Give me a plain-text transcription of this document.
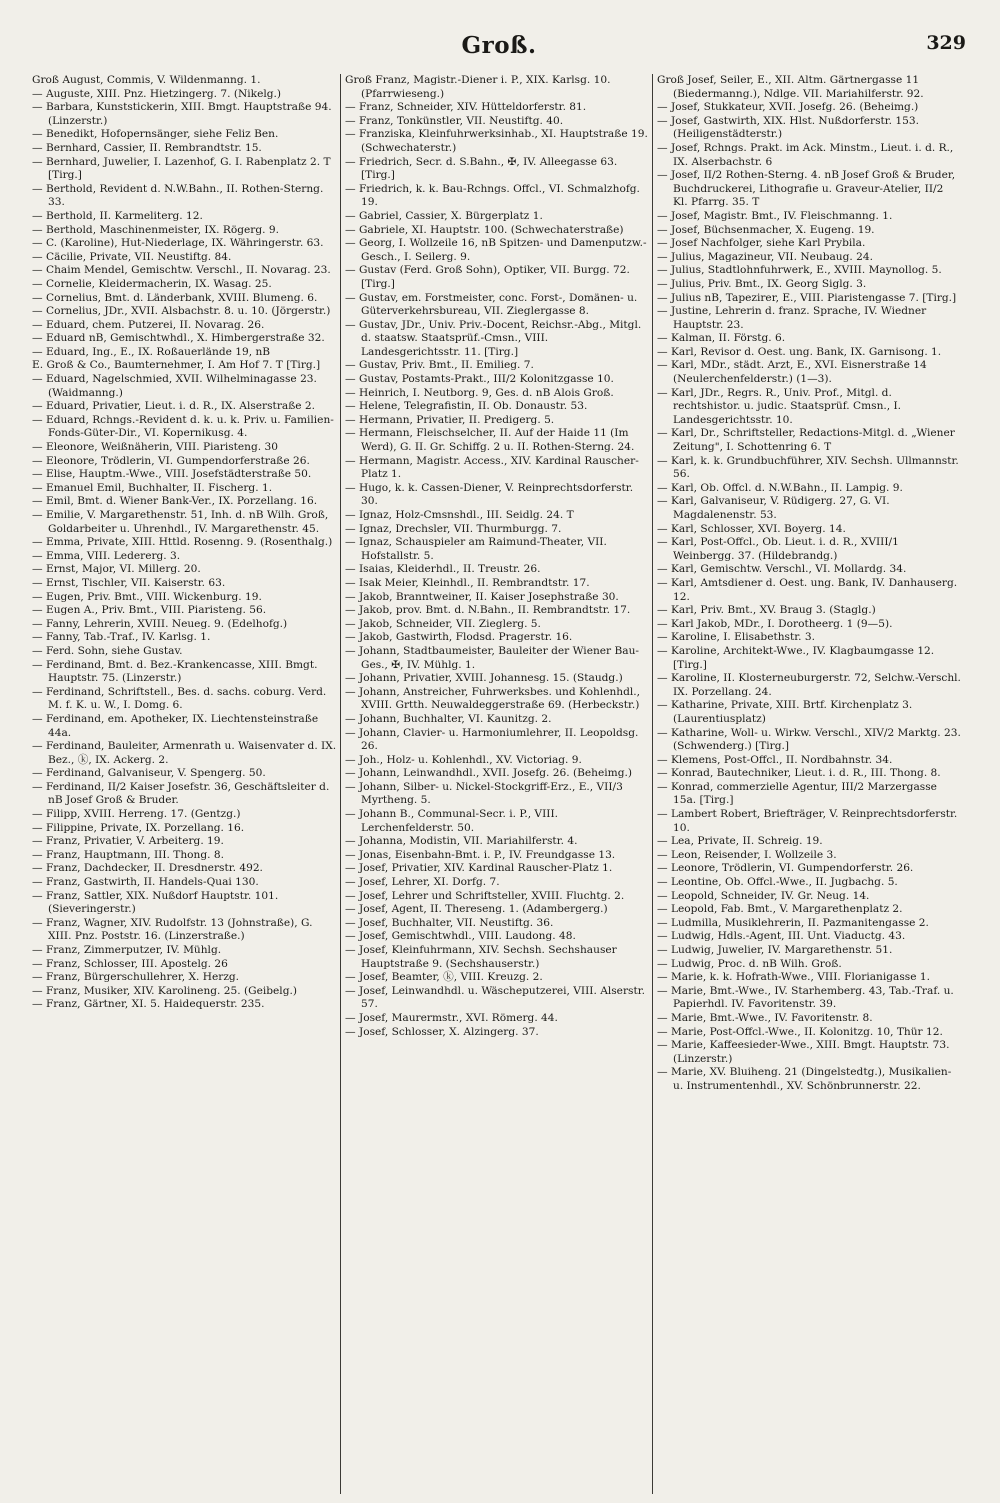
Groß.	329

Groß August, Commis, V. Wildenmanng. 1.

— Auguste, XIII. Pnz. Hietzingerg. 7. (Nikelg.)

— Barbara, Kunststickerin, XIII. Bmgt. Hauptstraße 94. (Linzerstr.)

— Benedikt, Hofopernsänger, siehe Feliz Ben.

— Bernhard, Cassier, II. Rembrandtstr. 15.

— Bernhard, Juwelier, I. Lazenhof, G. I. Rabenplatz 2. T [Tirg.]

— Berthold, Revident d. N.W.Bahn., II. Rothen-Sterng. 33.

— Berthold, II. Karmeliterg. 12.

— Berthold, Maschinenmeister, IX. Rögerg. 9.

— C. (Karoline), Hut-Niederlage, IX. Währingerstr. 63.

— Cäcilie, Private, VII. Neustiftg. 84.

— Chaim Mendel, Gemischtw. Verschl., II. Novarag. 23.

— Cornelie, Kleidermacherin, IX. Wasag. 25.

— Cornelius, Bmt. d. Länderbank, XVIII. Blumeng. 6.

— Cornelius, JDr., XVII. Alsbachstr. 8. u. 10. (Jörgerstr.)

— Eduard, chem. Putzerei, II. Novarag. 26.

— Eduard nB, Gemischtwhdl., X. Himbergerstraße 32.

— Eduard, Ing., E., IX. Roßauerlände 19, nB

E. Groß & Co., Baumternehmer, I. Am Hof 7. T [Tirg.]

— Eduard, Nagelschmied, XVII. Wilhelminagasse 23. (Waidmanng.)

— Eduard, Privatier, Lieut. i. d. R., IX. Alserstraße 2.

— Eduard, Rchngs.-Revident d. k. u. k. Priv. u. Familien-Fonds-Güter-Dir., VI. Kopernikusg. 4.

— Eleonore, Weißnäherin, VIII. Piaristeng. 30

— Eleonore, Trödlerin, VI. Gumpendorferstraße 26.

— Elise, Hauptm.-Wwe., VIII. Josefstädterstraße 50.

— Emanuel Emil, Buchhalter, II. Fischerg. 1.

— Emil, Bmt. d. Wiener Bank-Ver., IX. Porzellang. 16.

— Emilie, V. Margarethenstr. 51, Inh. d. nB Wilh. Groß, Goldarbeiter u. Uhrenhdl., IV. Margarethenstr. 45.

— Emma, Private, XIII. Httld. Rosenng. 9. (Rosenthalg.)

— Emma, VIII. Ledererg. 3.

— Ernst, Major, VI. Millerg. 20.

— Ernst, Tischler, VII. Kaiserstr. 63.

— Eugen, Priv. Bmt., VIII. Wickenburg. 19.

— Eugen A., Priv. Bmt., VIII. Piaristeng. 56.

— Fanny, Lehrerin, XVIII. Neueg. 9. (Edelhofg.)

— Fanny, Tab.-Traf., IV. Karlsg. 1.

— Ferd. Sohn, siehe Gustav.

— Ferdinand, Bmt. d. Bez.-Krankencasse, XIII. Bmgt. Hauptstr. 75. (Linzerstr.)

— Ferdinand, Schriftstell., Bes. d. sachs. coburg. Verd. M. f. K. u. W., I. Domg. 6.

— Ferdinand, em. Apotheker, IX. Liechtensteinstraße 44a.

— Ferdinand, Bauleiter, Armenrath u. Waisenvater d. IX. Bez., ⓚ, IX. Ackerg. 2.

— Ferdinand, Galvaniseur, V. Spengerg. 50.

— Ferdinand, II/2 Kaiser Josefstr. 36, Geschäftsleiter d. nB Josef Groß & Bruder.

— Filipp, XVIII. Herreng. 17. (Gentzg.)

— Filippine, Private, IX. Porzellang. 16.

— Franz, Privatier, V. Arbeiterg. 19.

— Franz, Hauptmann, III. Thong. 8.

— Franz, Dachdecker, II. Dresdnerstr. 492.

— Franz, Gastwirth, II. Handels-Quai 130.

— Franz, Sattler, XIX. Nußdorf Hauptstr. 101. (Sieveringerstr.)

— Franz, Wagner, XIV. Rudolfstr. 13 (Johnstraße), G. XIII. Pnz. Poststr. 16. (Linzerstraße.)

— Franz, Zimmerputzer, IV. Mühlg.

— Franz, Schlosser, III. Apostelg. 26

— Franz, Bürgerschullehrer, X. Herzg.

— Franz, Musiker, XIV. Karolineng. 25. (Geibelg.)

— Franz, Gärtner, XI. 5. Haidequerstr. 235.

Groß Franz, Magistr.-Diener i. P., XIX. Karlsg. 10. (Pfarrwieseng.)

— Franz, Schneider, XIV. Hütteldorferstr. 81.

— Franz, Tonkünstler, VII. Neustiftg. 40.

— Franziska, Kleinfuhrwerksinhab., XI. Hauptstraße 19. (Schwechaterstr.)

— Friedrich, Secr. d. S.Bahn., ✠, IV. Alleegasse 63. [Tirg.]

— Friedrich, k. k. Bau-Rchngs. Offcl., VI. Schmalzhofg. 19.

— Gabriel, Cassier, X. Bürgerplatz 1.

— Gabriele, XI. Hauptstr. 100. (Schwechaterstraße)

— Georg, I. Wollzeile 16, nB Spitzen- und Damenputzw.-Gesch., I. Seilerg. 9.

— Gustav (Ferd. Groß Sohn), Optiker, VII. Burgg. 72. [Tirg.]

— Gustav, em. Forstmeister, conc. Forst-, Domänen- u. Güterverkehrsbureau, VII. Zieglergasse 8.

— Gustav, JDr., Univ. Priv.-Docent, Reichsr.-Abg., Mitgl. d. staatsw. Staatsprüf.-Cmsn., VIII. Landesgerichtsstr. 11. [Tirg.]

— Gustav, Priv. Bmt., II. Emilieg. 7.

— Gustav, Postamts-Prakt., III/2 Kolonitzgasse 10.

— Heinrich, I. Neutborg. 9, Ges. d. nB Alois Groß.

— Helene, Telegrafistin, II. Ob. Donaustr. 53.

— Hermann, Privatier, II. Predigerg. 5.

— Hermann, Fleischselcher, II. Auf der Haide 11 (Im Werd), G. II. Gr. Schiffg. 2 u. II. Rothen-Sterng. 24.

— Hermann, Magistr. Access., XIV. Kardinal Rauscher-Platz 1.

— Hugo, k. k. Cassen-Diener, V. Reinprechtsdorferstr. 30.

— Ignaz, Holz-Cmsnshdl., III. Seidlg. 24. T

— Ignaz, Drechsler, VII. Thurmburgg. 7.

— Ignaz, Schauspieler am Raimund-Theater, VII. Hofstallstr. 5.

— Isaias, Kleiderhdl., II. Treustr. 26.

— Isak Meier, Kleinhdl., II. Rembrandtstr. 17.

— Jakob, Branntweiner, II. Kaiser Josephstraße 30.

— Jakob, prov. Bmt. d. N.Bahn., II. Rembrandtstr. 17.

— Jakob, Schneider, VII. Zieglerg. 5.

— Jakob, Gastwirth, Flodsd. Pragerstr. 16.

— Johann, Stadtbaumeister, Bauleiter der Wiener Bau-Ges., ✠, IV. Mühlg. 1.

— Johann, Privatier, XVIII. Johannesg. 15. (Staudg.)

— Johann, Anstreicher, Fuhrwerksbes. und Kohlenhdl., XVIII. Grtth. Neuwaldeggerstraße 69. (Herbeckstr.)

— Johann, Buchhalter, VI. Kaunitzg. 2.

— Johann, Clavier- u. Harmoniumlehrer, II. Leopoldsg. 26.

— Joh., Holz- u. Kohlenhdl., XV. Victoriag. 9.

— Johann, Leinwandhdl., XVII. Josefg. 26. (Beheimg.)

— Johann, Silber- u. Nickel-Stockgriff-Erz., E., VII/3 Myrtheng. 5.

— Johann B., Communal-Secr. i. P., VIII. Lerchenfelderstr. 50.

— Johanna, Modistin, VII. Mariahilferstr. 4.

— Jonas, Eisenbahn-Bmt. i. P., IV. Freundgasse 13.

— Josef, Privatier, XIV. Kardinal Rauscher-Platz 1.

— Josef, Lehrer, XI. Dorfg. 7.

— Josef, Lehrer und Schriftsteller, XVIII. Fluchtg. 2.

— Josef, Agent, II. Thereseng. 1. (Adambergerg.)

— Josef, Buchhalter, VII. Neustiftg. 36.

— Josef, Gemischtwhdl., VIII. Laudong. 48.

— Josef, Kleinfuhrmann, XIV. Sechsh. Sechshauser Hauptstraße 9. (Sechshauserstr.)

— Josef, Beamter, ⓚ, VIII. Kreuzg. 2.

— Josef, Leinwandhdl. u. Wäscheputzerei, VIII. Alserstr. 57.

— Josef, Maurermstr., XVI. Römerg. 44.

— Josef, Schlosser, X. Alzingerg. 37.

Groß Josef, Seiler, E., XII. Altm. Gärtnergasse 11 (Biedermanng.), Ndlge. VII. Mariahilferstr. 92.

— Josef, Stukkateur, XVII. Josefg. 26. (Beheimg.)

— Josef, Gastwirth, XIX. Hlst. Nußdorferstr. 153. (Heiligenstädterstr.)

— Josef, Rchngs. Prakt. im Ack. Minstm., Lieut. i. d. R., IX. Alserbachstr. 6

— Josef, II/2 Rothen-Sterng. 4. nB Josef Groß & Bruder, Buchdruckerei, Lithografie u. Graveur-Atelier, II/2 Kl. Pfarrg. 35. T

— Josef, Magistr. Bmt., IV. Fleischmanng. 1.

— Josef, Büchsenmacher, X. Eugeng. 19.

— Josef Nachfolger, siehe Karl Prybila.

— Julius, Magazineur, VII. Neubaug. 24.

— Julius, Stadtlohnfuhrwerk, E., XVIII. Maynollog. 5.

— Julius, Priv. Bmt., IX. Georg Siglg. 3.

— Julius nB, Tapezirer, E., VIII. Piaristengasse 7. [Tirg.]

— Justine, Lehrerin d. franz. Sprache, IV. Wiedner Hauptstr. 23.

— Kalman, II. Förstg. 6.

— Karl, Revisor d. Oest. ung. Bank, IX. Garnisong. 1.

— Karl, MDr., städt. Arzt, E., XVI. Eisnerstraße 14 (Neulerchenfelderstr.) (1—3).

— Karl, JDr., Regrs. R., Univ. Prof., Mitgl. d. rechtshistor. u. judic. Staatsprüf. Cmsn., I. Landesgerichtsstr. 10.

— Karl, Dr., Schriftsteller, Redactions-Mitgl. d. „Wiener Zeitung", I. Schottenring 6. T

— Karl, k. k. Grundbuchführer, XIV. Sechsh. Ullmannstr. 56.

— Karl, Ob. Offcl. d. N.W.Bahn., II. Lampig. 9.

— Karl, Galvaniseur, V. Rüdigerg. 27, G. VI. Magdalenenstr. 53.

— Karl, Schlosser, XVI. Boyerg. 14.

— Karl, Post-Offcl., Ob. Lieut. i. d. R., XVIII/1 Weinbergg. 37. (Hildebrandg.)

— Karl, Gemischtw. Verschl., VI. Mollardg. 34.

— Karl, Amtsdiener d. Oest. ung. Bank, IV. Danhauserg. 12.

— Karl, Priv. Bmt., XV. Braug 3. (Staglg.)

— Karl Jakob, MDr., I. Dorotheerg. 1 (9—5).

— Karoline, I. Elisabethstr. 3.

— Karoline, Architekt-Wwe., IV. Klagbaumgasse 12. [Tirg.]

— Karoline, II. Klosterneuburgerstr. 72, Selchw.-Verschl. IX. Porzellang. 24.

— Katharine, Private, XIII. Brtf. Kirchenplatz 3. (Laurentiusplatz)

— Katharine, Woll- u. Wirkw. Verschl., XIV/2 Marktg. 23. (Schwenderg.) [Tirg.]

— Klemens, Post-Offcl., II. Nordbahnstr. 34.

— Konrad, Bautechniker, Lieut. i. d. R., III. Thong. 8.

— Konrad, commerzielle Agentur, III/2 Marzergasse 15a. [Tirg.]

— Lambert Robert, Briefträger, V. Reinprechtsdorferstr. 10.

— Lea, Private, II. Schreig. 19.

— Leon, Reisender, I. Wollzeile 3.

— Leonore, Trödlerin, VI. Gumpendorferstr. 26.

— Leontine, Ob. Offcl.-Wwe., II. Jugbachg. 5.

— Leopold, Schneider, IV. Gr. Neug. 14.

— Leopold, Fab. Bmt., V. Margarethenplatz 2.

— Ludmilla, Musiklehrerin, II. Pazmanitengasse 2.

— Ludwig, Hdls.-Agent, III. Unt. Viaductg. 43.

— Ludwig, Juwelier, IV. Margarethenstr. 51.

— Ludwig, Proc. d. nB Wilh. Groß.

— Marie, k. k. Hofrath-Wwe., VIII. Florianigasse 1.

— Marie, Bmt.-Wwe., IV. Starhemberg. 43, Tab.-Traf. u. Papierhdl. IV. Favoritenstr. 39.

— Marie, Bmt.-Wwe., IV. Favoritenstr. 8.

— Marie, Post-Offcl.-Wwe., II. Kolonitzg. 10, Thür 12.

— Marie, Kaffeesieder-Wwe., XIII. Bmgt. Hauptstr. 73. (Linzerstr.)

— Marie, XV. Bluiheng. 21 (Dingelstedtg.), Musikalien- u. Instrumentenhdl., XV. Schönbrunnerstr. 22.
